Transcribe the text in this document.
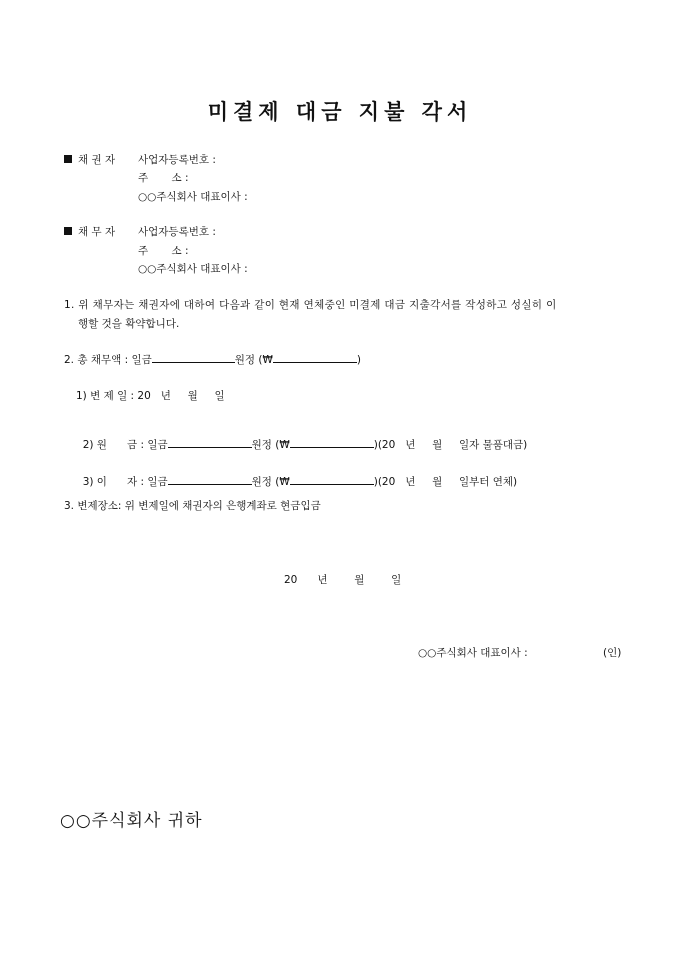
미결제 대금 지불 각서
채 권 자 사업자등록번호 :
주       소 :
○○주식회사 대표이사 :
채 무 자 사업자등록번호 :
주       소 :
○○주식회사 대표이사 :
1. 위 채무자는 채권자에 대하여 다음과 같이 현재 연체중인 미결제 대금 지출각서를 작성하고 성실히 이
행할 것을 확약합니다.
2. 총 채무액 : 일금	원정 (₩	)
1) 변 제 일 : 20   년     월     일

2) 원      금 : 일금	원정 (₩	)(20   년     월     일자 물품대금)

3) 이      자 : 일금	원정 (₩	)(20   년     월     일부터 연체)

3. 변제장소: 위 변제일에 채권자의 은행계좌로 현금입금
20      년        월        일
○○주식회사 대표이사 :	(인)
○○주식회사 귀하
